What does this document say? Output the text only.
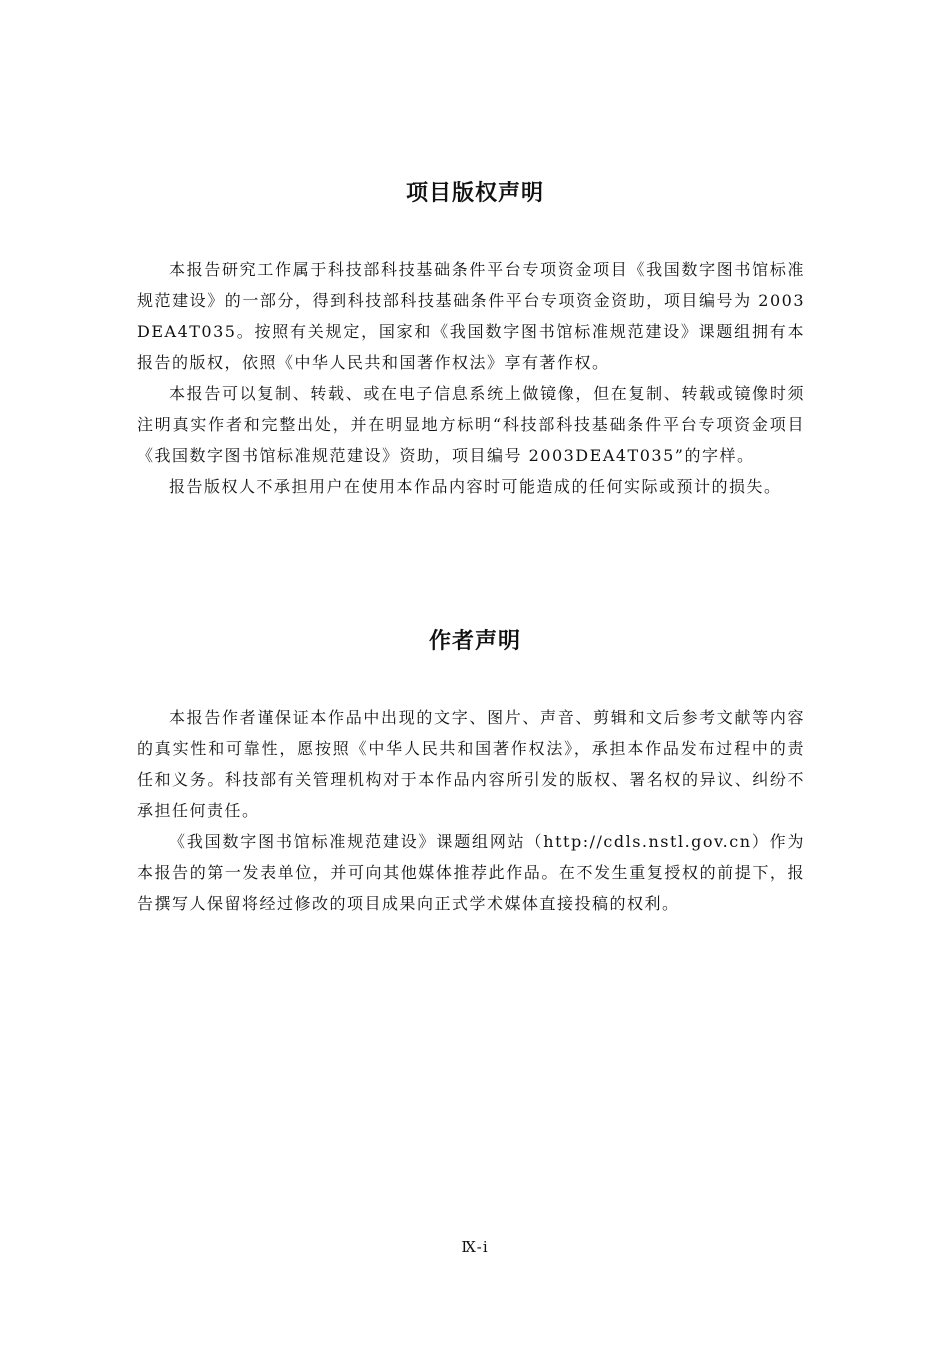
项目版权声明

本报告研究工作属于科技部科技基础条件平台专项资金项目《我国数字图书馆标准规范建设》的一部分，得到科技部科技基础条件平台专项资金资助，项目编号为 2003DEA4T035。按照有关规定，国家和《我国数字图书馆标准规范建设》课题组拥有本报告的版权，依照《中华人民共和国著作权法》享有著作权。

本报告可以复制、转载、或在电子信息系统上做镜像，但在复制、转载或镜像时须注明真实作者和完整出处，并在明显地方标明“科技部科技基础条件平台专项资金项目《我国数字图书馆标准规范建设》资助，项目编号 2003DEA4T035”的字样。

报告版权人不承担用户在使用本作品内容时可能造成的任何实际或预计的损失。

作者声明

本报告作者谨保证本作品中出现的文字、图片、声音、剪辑和文后参考文献等内容的真实性和可靠性，愿按照《中华人民共和国著作权法》，承担本作品发布过程中的责任和义务。科技部有关管理机构对于本作品内容所引发的版权、署名权的异议、纠纷不承担任何责任。

《我国数字图书馆标准规范建设》课题组网站（http://cdls.nstl.gov.cn）作为本报告的第一发表单位，并可向其他媒体推荐此作品。在不发生重复授权的前提下，报告撰写人保留将经过修改的项目成果向正式学术媒体直接投稿的权利。

Ⅸ-i
